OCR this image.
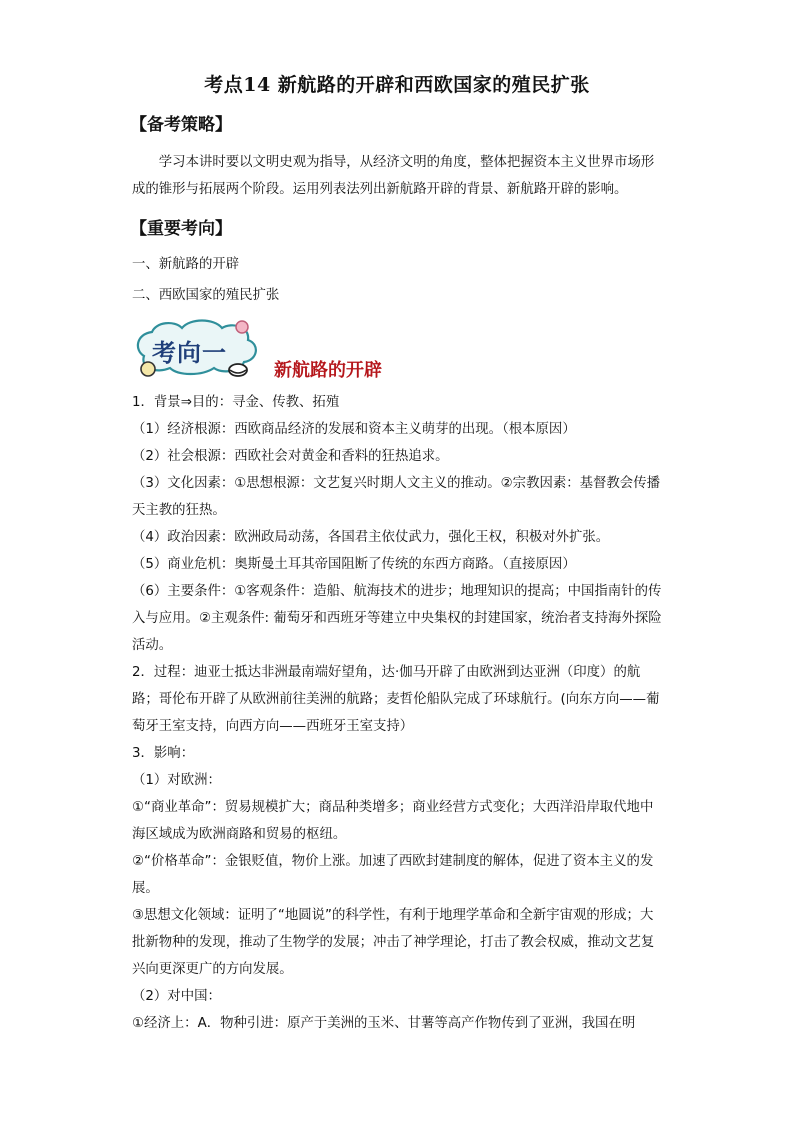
考点14 新航路的开辟和西欧国家的殖民扩张
【备考策略】
学习本讲时要以文明史观为指导，从经济文明的角度，整体把握资本主义世界市场形成的锥形与拓展两个阶段。运用列表法列出新航路开辟的背景、新航路开辟的影响。
【重要考向】
一、新航路的开辟
二、西欧国家的殖民扩张
考向一
新航路的开辟

1．背景⇒目的：寻金、传教、拓殖

（1）经济根源：西欧商品经济的发展和资本主义萌芽的出现。（根本原因）

（2）社会根源：西欧社会对黄金和香料的狂热追求。

（3）文化因素：①思想根源：文艺复兴时期人文主义的推动。②宗教因素：基督教会传播天主教的狂热。

（4）政治因素：欧洲政局动荡，各国君主依仗武力，强化王权，积极对外扩张。

（5）商业危机：奥斯曼土耳其帝国阻断了传统的东西方商路。（直接原因）

（6）主要条件：①客观条件：造船、航海技术的进步；地理知识的提高；中国指南针的传入与应用。②主观条件: 葡萄牙和西班牙等建立中央集权的封建国家，统治者支持海外探险活动。

2．过程：迪亚士抵达非洲最南端好望角，达·伽马开辟了由欧洲到达亚洲（印度）的航路；哥伦布开辟了从欧洲前往美洲的航路；麦哲伦船队完成了环球航行。(向东方向——葡萄牙王室支持，向西方向——西班牙王室支持）

3．影响：

（1）对欧洲：

①“商业革命”：贸易规模扩大；商品种类增多；商业经营方式变化；大西洋沿岸取代地中海区域成为欧洲商路和贸易的枢纽。

②“价格革命”：金银贬值，物价上涨。加速了西欧封建制度的解体，促进了资本主义的发展。

③思想文化领域：证明了“地圆说”的科学性，有利于地理学革命和全新宇宙观的形成；大批新物种的发现，推动了生物学的发展；冲击了神学理论，打击了教会权威，推动文艺复兴向更深更广的方向发展。

（2）对中国：

①经济上：A．物种引进：原产于美洲的玉米、甘薯等高产作物传到了亚洲，我国在明
